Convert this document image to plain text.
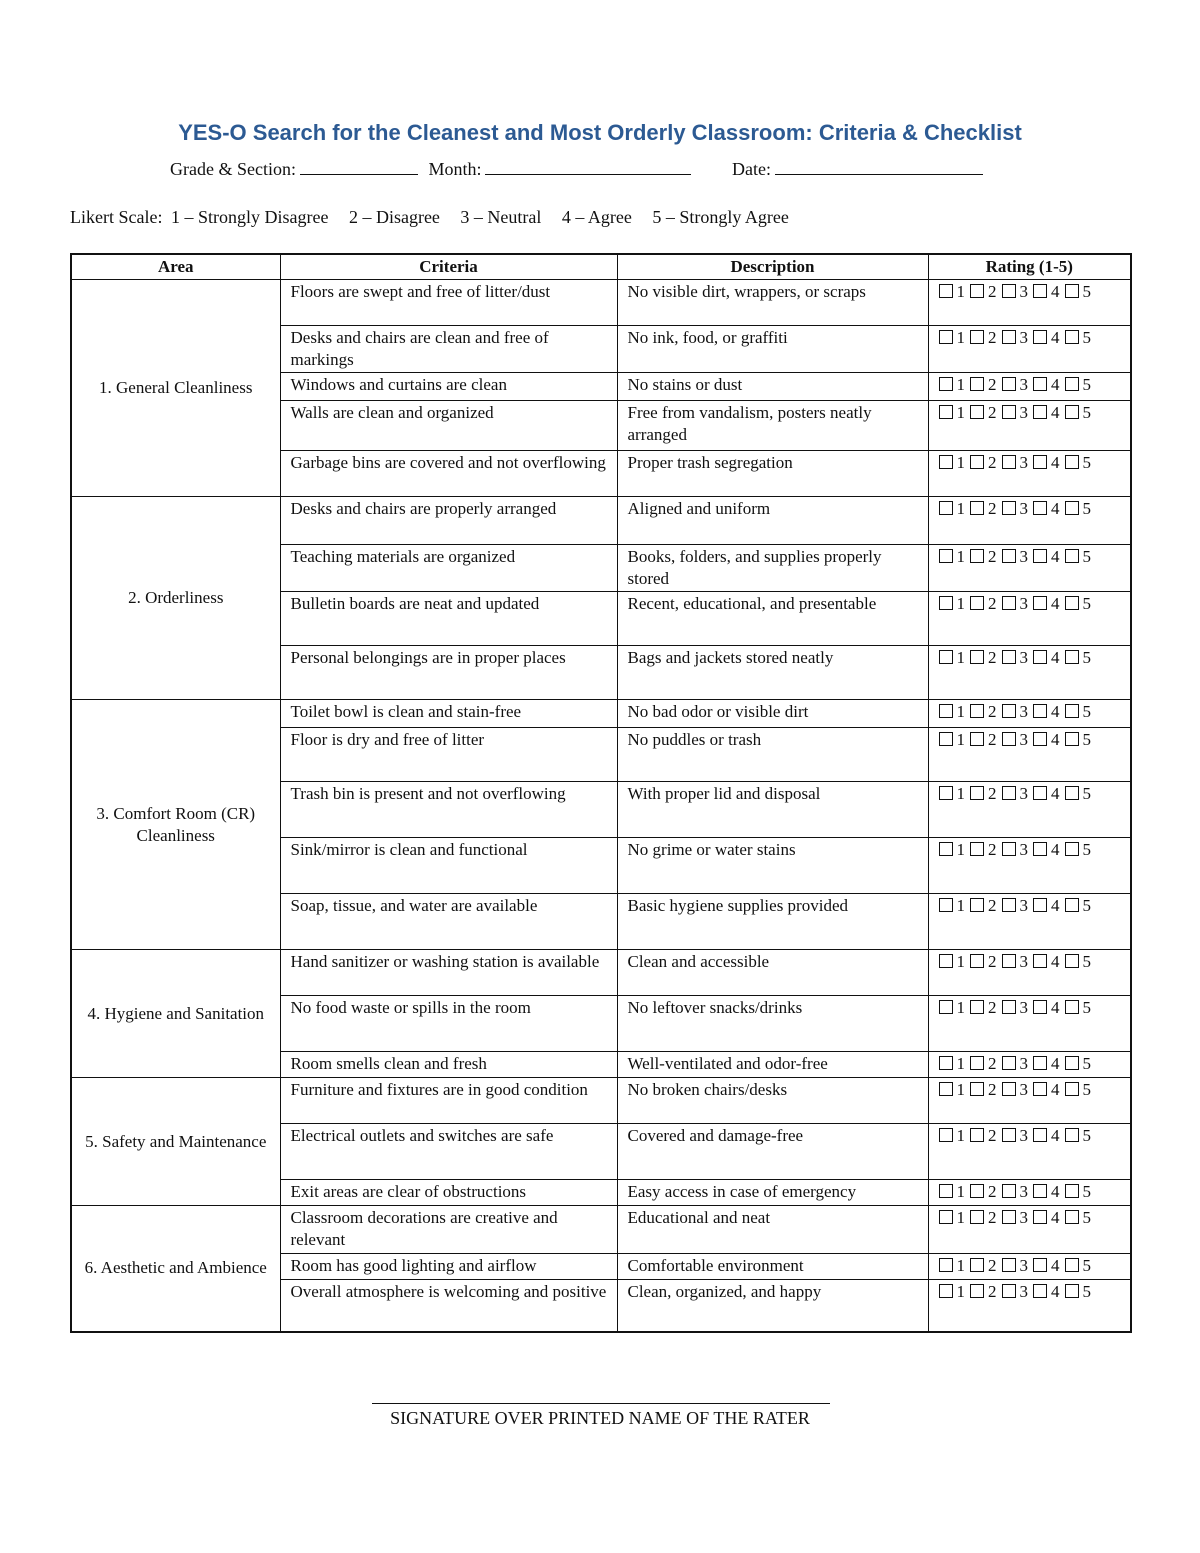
YES-O Search for the Cleanest and Most Orderly Classroom: Criteria & Checklist
Grade & Section:	Month:	Date:
Likert Scale: 1 – Strongly Disagree 2 – Disagree 3 – Neutral 4 – Agree 5 – Strongly Agree
Area	Criteria	Description	Rating (1-5)
1. General Cleanliness	Floors are swept and free of litter/dust	No visible dirt, wrappers, or scraps	1 2 3 4 5
	Desks and chairs are clean and free of markings	No ink, food, or graffiti	1 2 3 4 5
	Windows and curtains are clean	No stains or dust	1 2 3 4 5
	Walls are clean and organized	Free from vandalism, posters neatly arranged	1 2 3 4 5
	Garbage bins are covered and not overflowing	Proper trash segregation	1 2 3 4 5
2. Orderliness	Desks and chairs are properly arranged	Aligned and uniform	1 2 3 4 5
	Teaching materials are organized	Books, folders, and supplies properly stored	1 2 3 4 5
	Bulletin boards are neat and updated	Recent, educational, and presentable	1 2 3 4 5
	Personal belongings are in proper places	Bags and jackets stored neatly	1 2 3 4 5
3. Comfort Room (CR) Cleanliness	Toilet bowl is clean and stain-free	No bad odor or visible dirt	1 2 3 4 5
	Floor is dry and free of litter	No puddles or trash	1 2 3 4 5
	Trash bin is present and not overflowing	With proper lid and disposal	1 2 3 4 5
	Sink/mirror is clean and functional	No grime or water stains	1 2 3 4 5
	Soap, tissue, and water are available	Basic hygiene supplies provided	1 2 3 4 5
4. Hygiene and Sanitation	Hand sanitizer or washing station is available	Clean and accessible	1 2 3 4 5
	No food waste or spills in the room	No leftover snacks/drinks	1 2 3 4 5
	Room smells clean and fresh	Well-ventilated and odor-free	1 2 3 4 5
5. Safety and Maintenance	Furniture and fixtures are in good condition	No broken chairs/desks	1 2 3 4 5
	Electrical outlets and switches are safe	Covered and damage-free	1 2 3 4 5
	Exit areas are clear of obstructions	Easy access in case of emergency	1 2 3 4 5
6. Aesthetic and Ambience	Classroom decorations are creative and relevant	Educational and neat	1 2 3 4 5
	Room has good lighting and airflow	Comfortable environment	1 2 3 4 5
	Overall atmosphere is welcoming and positive	Clean, organized, and happy	1 2 3 4 5
SIGNATURE OVER PRINTED NAME OF THE RATER
